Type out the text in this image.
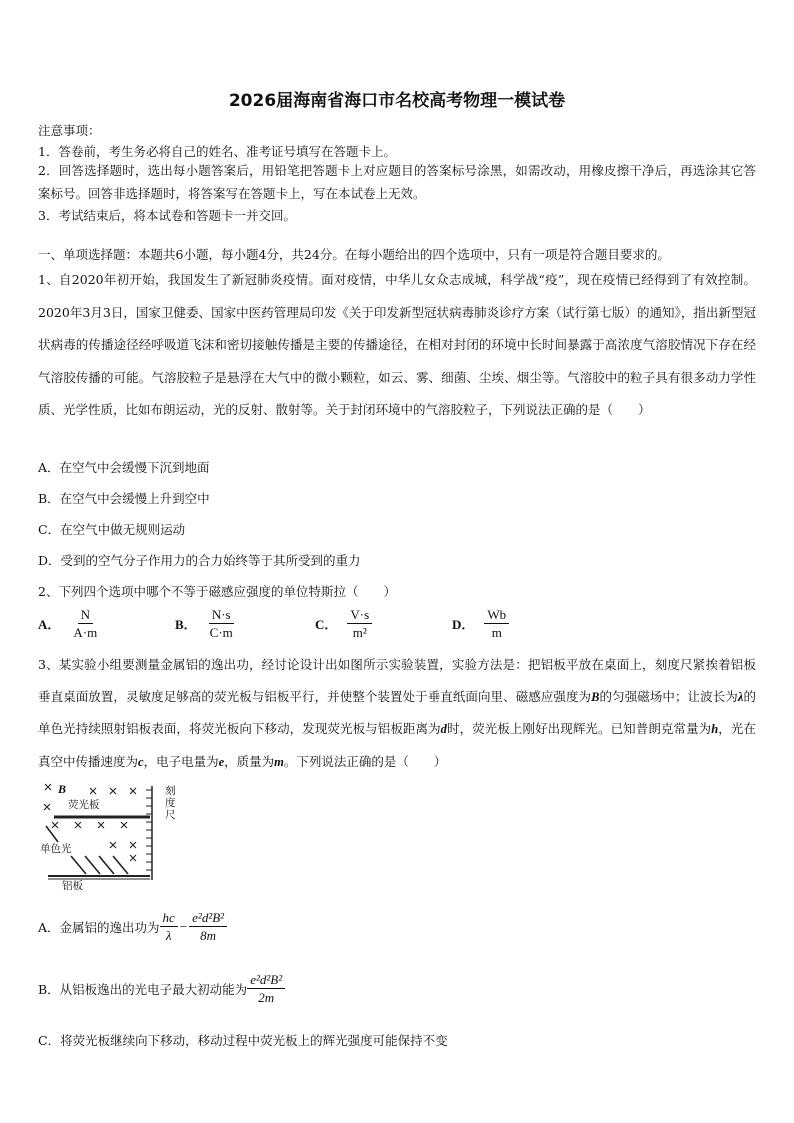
2026届海南省海口市名校高考物理一模试卷
注意事项：
1．答卷前，考生务必将自己的姓名、准考证号填写在答题卡上。
2．回答选择题时，选出每小题答案后，用铅笔把答题卡上对应题目的答案标号涂黑，如需改动，用橡皮擦干净后，再选涂其它答案标号。回答非选择题时，将答案写在答题卡上，写在本试卷上无效。
3．考试结束后，将本试卷和答题卡一并交回。
一、单项选择题：本题共6小题，每小题4分，共24分。在每小题给出的四个选项中，只有一项是符合题目要求的。
1、自2020年初开始，我国发生了新冠肺炎疫情。面对疫情，中华儿女众志成城，科学战“疫”，现在疫情已经得到了有效控制。2020年3月3日，国家卫健委、国家中医药管理局印发《关于印发新型冠状病毒肺炎诊疗方案（试行第七版）的通知》，指出新型冠状病毒的传播途径经呼吸道飞沫和密切接触传播是主要的传播途径，在相对封闭的环境中长时间暴露于高浓度气溶胶情况下存在经气溶胶传播的可能。气溶胶粒子是悬浮在大气中的微小颗粒，如云、雾、细菌、尘埃、烟尘等。气溶胶中的粒子具有很多动力学性质、光学性质，比如布朗运动，光的反射、散射等。关于封闭环境中的气溶胶粒子，下列说法正确的是（　　）
A．在空气中会缓慢下沉到地面
B．在空气中会缓慢上升到空中
C．在空气中做无规则运动
D．受到的空气分子作用力的合力始终等于其所受到的重力
2、下列四个选项中哪个不等于磁感应强度的单位特斯拉（　　）
A． $\frac{N}{A\cdot m}$	B． $\frac{N\cdot s}{C\cdot m}$	C． $\frac{V\cdot s}{\text{m²}}$	D． $\frac{Wb}{m}$
3、某实验小组要测量金属铝的逸出功，经讨论设计出如图所示实验装置，实验方法是：把铝板平放在桌面上，刻度尺紧挨着铝板垂直桌面放置，灵敏度足够高的荧光板与铝板平行，并使整个装置处于垂直纸面向里、磁感应强度为B的匀强磁场中；让波长为λ的单色光持续照射铝板表面，将荧光板向下移动，发现荧光板与铝板距离为d时，荧光板上刚好出现辉光。已知普朗克常量为h，光在真空中传播速度为c，电子电量为e，质量为m。下列说法正确的是（　　）
B
荧光板
刻 度 尺
单色光
铝板
A．金属铝的逸出功为 $\frac{hc}{\lambda} - \frac{\text{e²d²B²}}{8m}$
B．从铝板逸出的光电子最大初动能为 $\frac{\text{e²d²B²}}{2m}$
C．将荧光板继续向下移动，移动过程中荧光板上的辉光强度可能保持不变
